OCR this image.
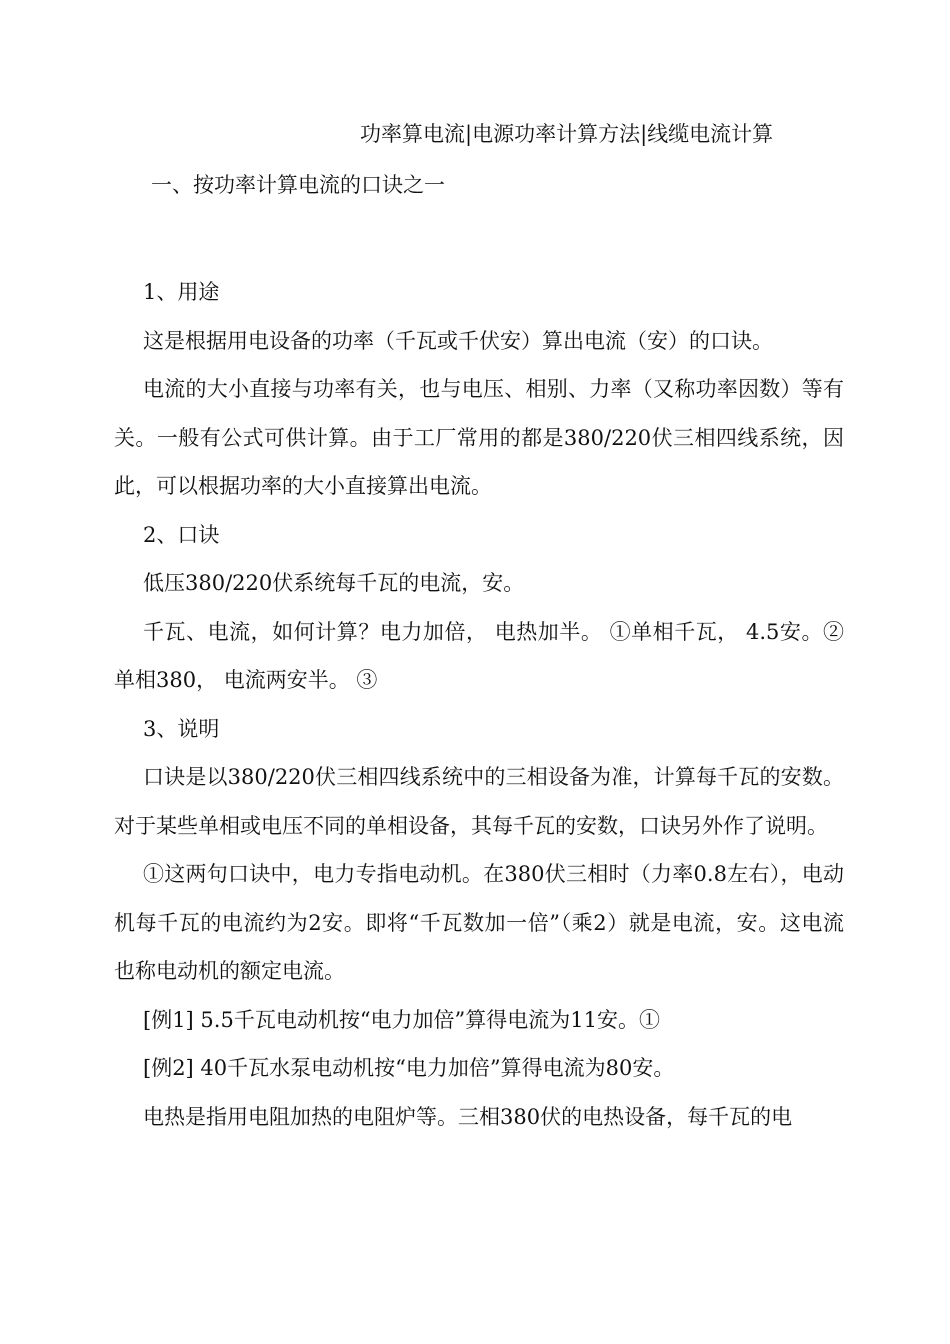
功率算电流|电源功率计算方法|线缆电流计算
一、按功率计算电流的口诀之一

1、用途

这是根据用电设备的功率（千瓦或千伏安）算出电流（安）的口诀。

电流的大小直接与功率有关，也与电压、相别、力率（又称功率因数）等有关。一般有公式可供计算。由于工厂常用的都是380/220伏三相四线系统，因此，可以根据功率的大小直接算出电流。

2、口诀

低压380/220伏系统每千瓦的电流，安。

千瓦、电流，如何计算？电力加倍， 电热加半。 ①单相千瓦， 4.5安。②单相380， 电流两安半。 ③

3、说明

口诀是以380/220伏三相四线系统中的三相设备为准，计算每千瓦的安数。对于某些单相或电压不同的单相设备，其每千瓦的安数，口诀另外作了说明。

①这两句口诀中，电力专指电动机。在380伏三相时（力率0.8左右），电动机每千瓦的电流约为2安。即将“千瓦数加一倍”（乘2）就是电流，安。这电流也称电动机的额定电流。

[例1] 5.5千瓦电动机按“电力加倍”算得电流为11安。①

[例2] 40千瓦水泵电动机按“电力加倍”算得电流为80安。

电热是指用电阻加热的电阻炉等。三相380伏的电热设备，每千瓦的电
